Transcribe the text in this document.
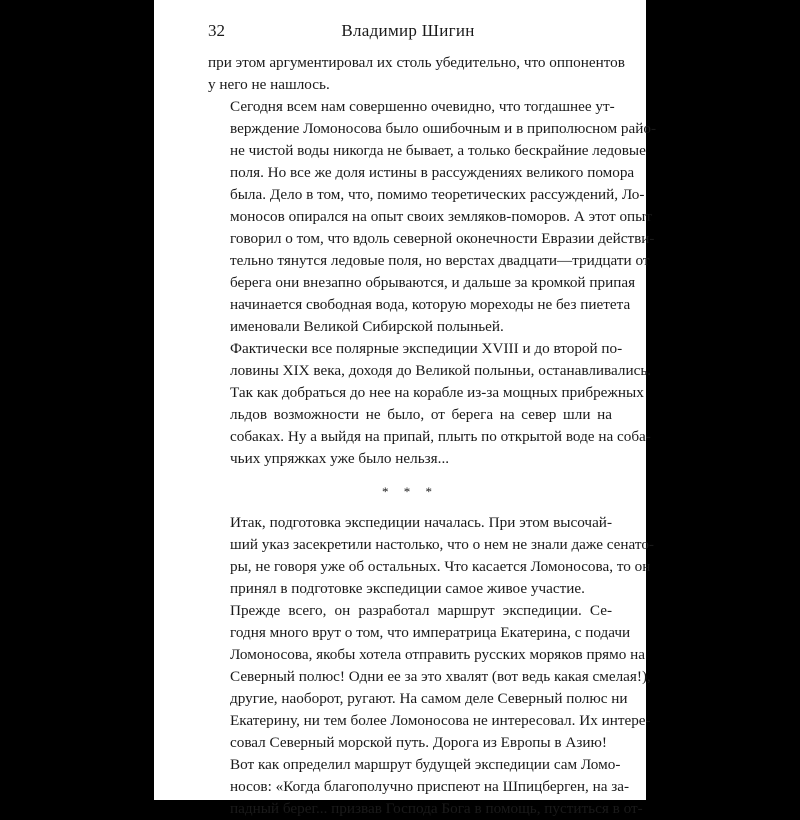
32	Владимир Шигин

при этом аргументировал их столь убедительно, что оппонентов
у него не нашлось.

Сегодня всем нам совершенно очевидно, что тогдашнее ут-
верждение Ломоносова было ошибочным и в приполюсном райо-
не чистой воды никогда не бывает, а только бескрайние ледовые
поля. Но все же доля истины в рассуждениях великого помора
была. Дело в том, что, помимо теоретических рассуждений, Ло-
моносов опирался на опыт своих земляков-поморов. А этот опыт
говорил о том, что вдоль северной оконечности Евразии действи-
тельно тянутся ледовые поля, но верстах двадцати—тридцати от
берега они внезапно обрываются, и дальше за кромкой припая
начинается свободная вода, которую мореходы не без пиетета
именовали Великой Сибирской полыньей.

Фактически все полярные экспедиции XVIII и до второй по-
ловины XIX века, доходя до Великой полыньи, останавливались.
Так как добраться до нее на корабле из-за мощных прибрежных
льдов возможности не было, от берега на север шли на
собаках. Ну а выйдя на припай, плыть по открытой воде на соба-
чьих упряжках уже было нельзя...

* * *

Итак, подготовка экспедиции началась. При этом высочай-
ший указ засекретили настолько, что о нем не знали даже сенато-
ры, не говоря уже об остальных. Что касается Ломоносова, то он
принял в подготовке экспедиции самое живое участие.

Прежде всего, он разработал маршрут экспедиции. Се-
годня много врут о том, что императрица Екатерина, с подачи
Ломоносова, якобы хотела отправить русских моряков прямо на
Северный полюс! Одни ее за это хвалят (вот ведь какая смелая!),
другие, наоборот, ругают. На самом деле Северный полюс ни
Екатерину, ни тем более Ломоносова не интересовал. Их интере-
совал Северный морской путь. Дорога из Европы в Азию!

Вот как определил маршрут будущей экспедиции сам Ломо-
носов: «Когда благополучно приспеют на Шпицберген, на за-
падный берег... призвав Господа Бога в помощь, пуститься в от-
